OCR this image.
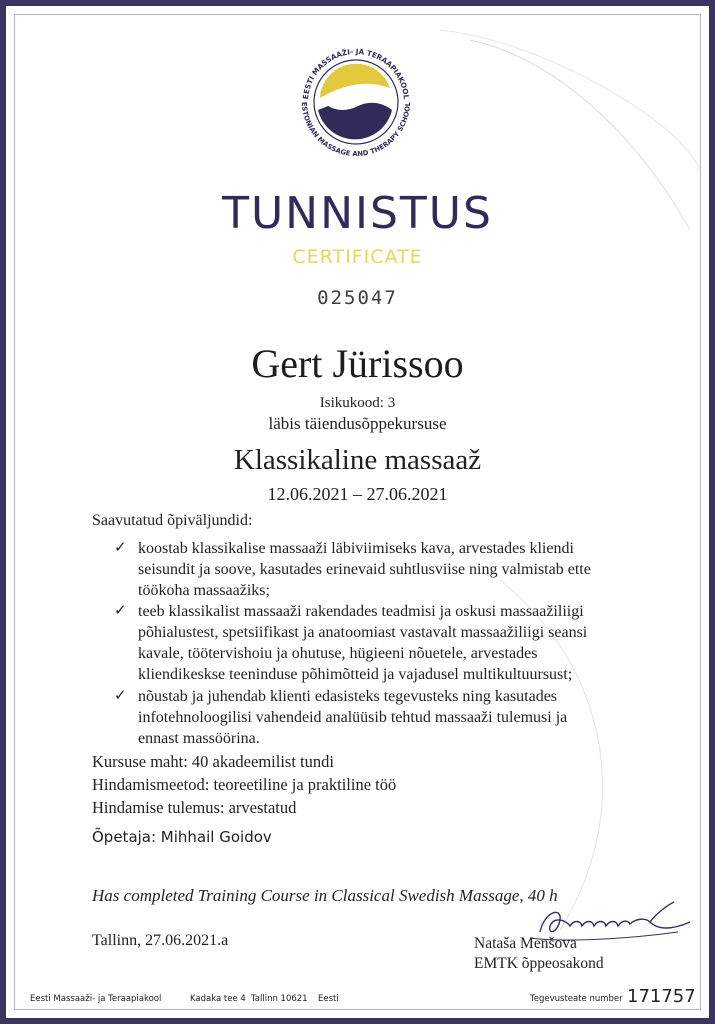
EESTI MASSAAŽI- JA TERAAPIAKOOL
ESTONIAN MASSAGE AND THERAPY SCHOOL
TUNNISTUS
CERTIFICATE
025047
Gert Jürissoo
Isikukood: 3
läbis täiendusõppekursuse
Klassikaline massaaž
12.06.2021 – 27.06.2021
Saavutatud õpiväljundid:
✓ koostab klassikalise massaaži läbiviimiseks kava, arvestades kliendi
seisundit ja soove, kasutades erinevaid suhtlusviise ning valmistab ette
töökoha massaažiks;
✓ teeb klassikalist massaaži rakendades teadmisi ja oskusi massaažiliigi
põhialustest, spetsiifikast ja anatoomiast vastavalt massaažiliigi seansi
kavale, töötervishoiu ja ohutuse, hügieeni nõuetele, arvestades
kliendikeskse teeninduse põhimõtteid ja vajadusel multikultuursust;
✓ nõustab ja juhendab klienti edasisteks tegevusteks ning kasutades
infotehnoloogilisi vahendeid analüüsib tehtud massaaži tulemusi ja
ennast massöörina.
Kursuse maht: 40 akadeemilist tundi
Hindamismeetod: teoreetiline ja praktiline töö
Hindamise tulemus: arvestatud
Õpetaja: Mihhail Goidov
Has completed Training Course in Classical Swedish Massage, 40 h
Tallinn, 27.06.2021.a	Nataša Menšova
EMTK õppeosakond
Eesti Massaaži- ja Teraapiakool	Kadaka tee 4 Tallinn 10621 Eesti	Tegevusteate number 171757
